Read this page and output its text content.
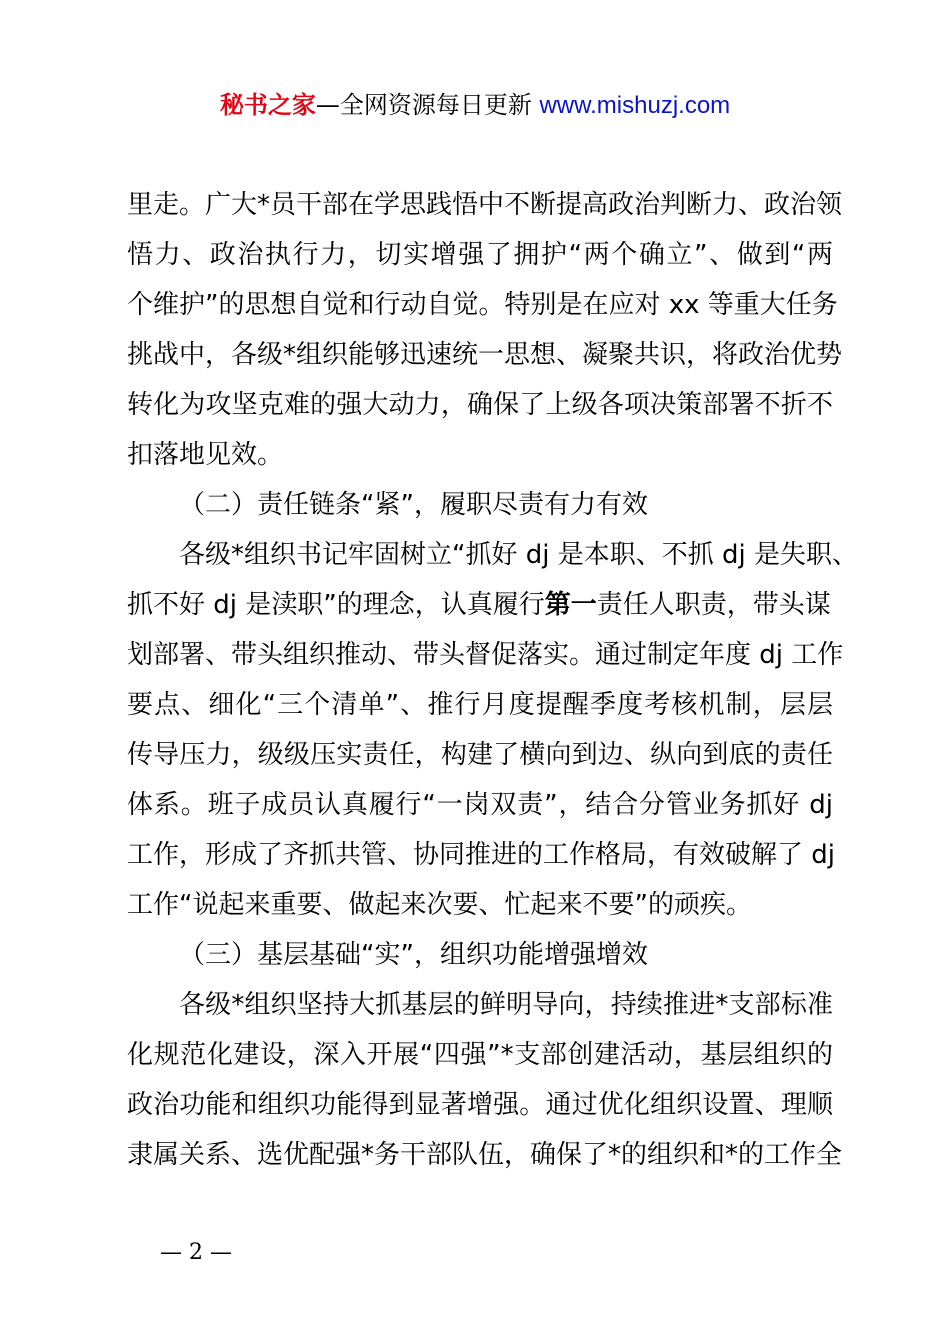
秘书之家—全网资源每日更新 www.mishuzj.com
里走。广大*员干部在学思践悟中不断提高政治判断力、政治领
悟力、政治执行力，切实增强了拥护“两个确立”、做到“两
个维护”的思想自觉和行动自觉。特别是在应对 xx 等重大任务
挑战中，各级*组织能够迅速统一思想、凝聚共识，将政治优势
转化为攻坚克难的强大动力，确保了上级各项决策部署不折不
扣落地见效。
（二）责任链条“紧”，履职尽责有力有效
各级*组织书记牢固树立“抓好 dj 是本职、不抓 dj 是失职、
抓不好 dj 是渎职”的理念，认真履行第一责任人职责，带头谋
划部署、带头组织推动、带头督促落实。通过制定年度 dj 工作
要点、细化“三个清单”、推行月度提醒季度考核机制，层层
传导压力，级级压实责任，构建了横向到边、纵向到底的责任
体系。班子成员认真履行“一岗双责”，结合分管业务抓好 dj
工作，形成了齐抓共管、协同推进的工作格局，有效破解了 dj
工作“说起来重要、做起来次要、忙起来不要”的顽疾。
（三）基层基础“实”，组织功能增强增效
各级*组织坚持大抓基层的鲜明导向，持续推进*支部标准
化规范化建设，深入开展“四强”*支部创建活动，基层组织的
政治功能和组织功能得到显著增强。通过优化组织设置、理顺
隶属关系、选优配强*务干部队伍，确保了*的组织和*的工作全
— 2 —
